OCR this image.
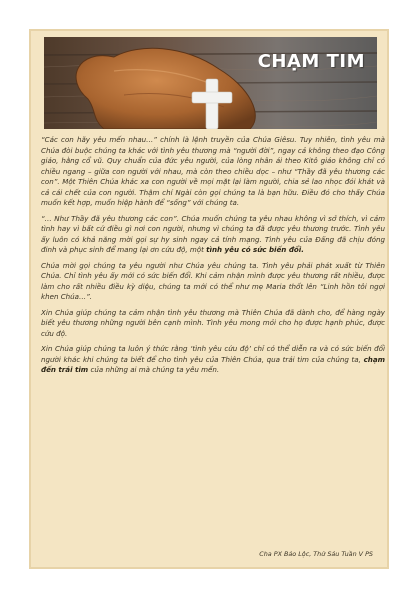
CHẠM TIM

“Các con hãy yêu mến nhau…” chính là lệnh truyền của Chúa Giêsu. Tuy nhiên, tình yêu mà Chúa đòi buộc chúng ta khác với tình yêu thương mà “người đời”, ngay cả không theo đạo Công giáo, hằng cổ vũ. Quy chuẩn của đức yêu người, của lòng nhân ái theo Kitô giáo không chỉ có chiều ngang – giữa con người với nhau, mà còn theo chiều dọc – như “Thầy đã yêu thương các con”. Một Thiên Chúa khác xa con người về mọi mặt lại làm người, chia sẻ lao nhọc đói khát và cả cái chết của con người. Thậm chí Ngài còn gọi chúng ta là bạn hữu. Điều đó cho thấy Chúa muốn kết hợp, muốn hiệp hành để “sống” với chúng ta.

“… Như Thầy đã yêu thương các con”. Chúa muốn chúng ta yêu nhau không vì sở thích, vì cảm tình hay vì bất cứ điều gì nơi con người, nhưng vì chúng ta đã được yêu thương trước. Tình yêu ấy luôn có khả năng mời gọi sự hy sinh ngay cả tính mạng. Tình yêu của Đấng đã chịu đóng đinh và phục sinh để mang lại ơn cứu độ, một tình yêu có sức biến đổi.

Chúa mời gọi chúng ta yêu người như Chúa yêu chúng ta. Tình yêu phải phát xuất từ Thiên Chúa. Chỉ tình yêu ấy mới có sức biến đổi. Khi cảm nhận mình được yêu thương rất nhiều, được làm cho rất nhiều điều kỳ diệu, chúng ta mới có thể như mẹ Maria thốt lên “Linh hồn tôi ngợi khen Chúa…”.

Xin Chúa giúp chúng ta cảm nhận tình yêu thương mà Thiên Chúa đã dành cho, để hàng ngày biết yêu thương những người bên cạnh mình. Tình yêu mong mỏi cho họ được hạnh phúc, được cứu độ.

Xin Chúa giúp chúng ta luôn ý thức rằng ‘tình yêu cứu độ’ chỉ có thể diễn ra và có sức biến đổi người khác khi chúng ta biết để cho tình yêu của Thiên Chúa, qua trái tim của chúng ta, chạm đến trái tim của những ai mà chúng ta yêu mến.

Cha PX Bảo Lộc, Thứ Sáu Tuần V PS
